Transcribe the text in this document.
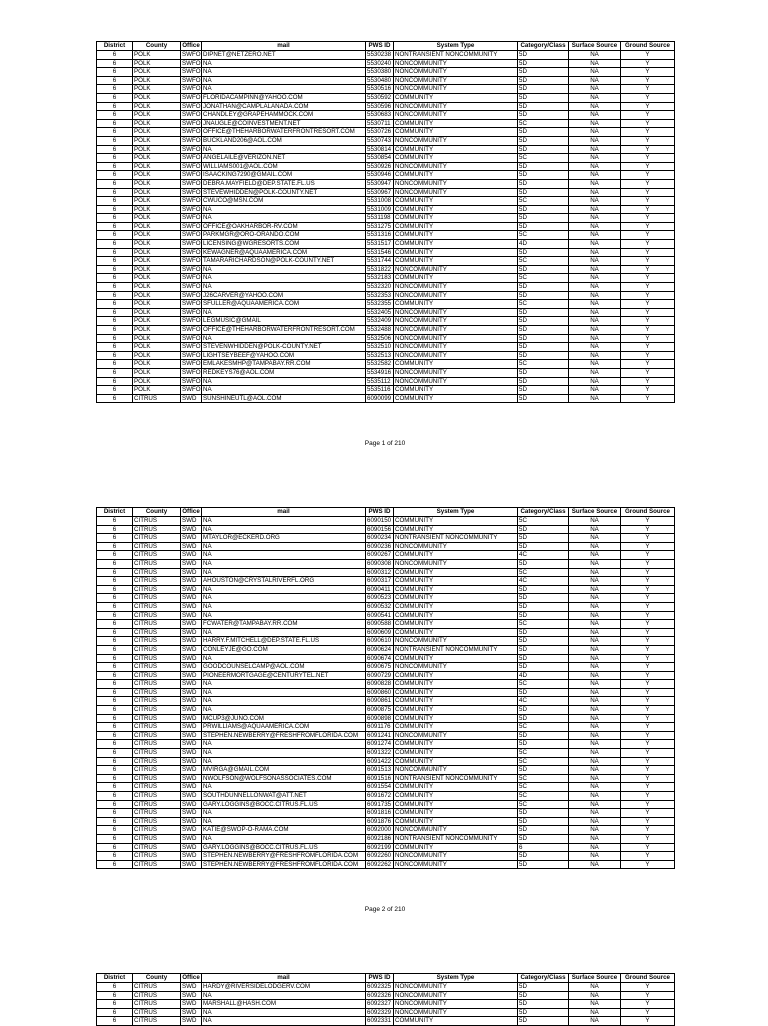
District	County	Office	mail	PWS ID	System Type	Category/Class	Surface Source	Ground Source
6	POLK	SWFO	DIPNET@NETZERO.NET	5530238	NONTRANSIENT NONCOMMUNITY	5D	NA	Y
6	POLK	SWFO	NA	5530240	NONCOMMUNITY	5D	NA	Y
6	POLK	SWFO	NA	5530380	NONCOMMUNITY	5D	NA	Y
6	POLK	SWFO	NA	5530480	NONCOMMUNITY	5D	NA	Y
6	POLK	SWFO	NA	5530516	NONCOMMUNITY	5D	NA	Y
6	POLK	SWFO	FLORIDACAMPINN@YAHOO.COM	5530592	COMMUNITY	5D	NA	Y
6	POLK	SWFO	JONATHAN@CAMPLALANADA.COM	5530596	NONCOMMUNITY	5D	NA	Y
6	POLK	SWFO	CHANDLEY@GRAPEHAMMOCK.COM	5530683	NONCOMMUNITY	5D	NA	Y
6	POLK	SWFO	JNAUGLE@COINVESTMENT.NET	5530711	COMMUNITY	5C	NA	Y
6	POLK	SWFO	OFFICE@THEHARBORWATERFRONTRESORT.COM	5530726	COMMUNITY	5D	NA	Y
6	POLK	SWFO	BUCKLAND206@AOL.COM	5530743	NONCOMMUNITY	5D	NA	Y
6	POLK	SWFO	NA	5530814	COMMUNITY	5D	NA	Y
6	POLK	SWFO	ANGELAILE@VERIZON.NET	5530854	COMMUNITY	5C	NA	Y
6	POLK	SWFO	WILLIAMS001@AOL.COM	5530926	NONCOMMUNITY	5D	NA	Y
6	POLK	SWFO	ISAACKING7290@GMAIL.COM	5530946	COMMUNITY	5D	NA	Y
6	POLK	SWFO	DEBRA.MAYFIELD@DEP.STATE.FL.US	5530947	NONCOMMUNITY	5D	NA	Y
6	POLK	SWFO	STEVEWHIDDEN@POLK-COUNTY.NET	5530967	NONCOMMUNITY	5D	NA	Y
6	POLK	SWFO	CWUCO@MSN.COM	5531008	COMMUNITY	5C	NA	Y
6	POLK	SWFO	NA	5531009	COMMUNITY	5D	NA	Y
6	POLK	SWFO	NA	5531198	COMMUNITY	5D	NA	Y
6	POLK	SWFO	OFFICE@OAKHARBOR-RV.COM	5531275	COMMUNITY	5D	NA	Y
6	POLK	SWFO	PARKMGR@ORO-ORANDO.COM	5531316	COMMUNITY	5C	NA	Y
6	POLK	SWFO	LICENSING@WGRESORTS.COM	5531517	COMMUNITY	4D	NA	Y
6	POLK	SWFO	KEWAGNER@AQUAAMERICA.COM	5531546	COMMUNITY	5D	NA	Y
6	POLK	SWFO	TAMARARICHARDSON@POLK-COUNTY.NET	5531744	COMMUNITY	5C	NA	Y
6	POLK	SWFO	NA	5531822	NONCOMMUNITY	5D	NA	Y
6	POLK	SWFO	NA	5532183	COMMUNITY	5C	NA	Y
6	POLK	SWFO	NA	5532320	NONCOMMUNITY	5D	NA	Y
6	POLK	SWFO	J26CARVER@YAHOO.COM	5532353	NONCOMMUNITY	5D	NA	Y
6	POLK	SWFO	SFULLER@AQUAAMERICA.COM	5532355	COMMUNITY	5C	NA	Y
6	POLK	SWFO	NA	5532405	NONCOMMUNITY	5D	NA	Y
6	POLK	SWFO	LEGMUSIC@GMAIL	5532409	NONCOMMUNITY	5D	NA	Y
6	POLK	SWFO	OFFICE@THEHARBORWATERFRONTRESORT.COM	5532488	NONCOMMUNITY	5D	NA	Y
6	POLK	SWFO	NA	5532506	NONCOMMUNITY	5D	NA	Y
6	POLK	SWFO	STEVENWHIDDEN@POLK-COUNTY.NET	5532510	NONCOMMUNITY	5D	NA	Y
6	POLK	SWFO	LIGHTSEYBEEF@YAHOO.COM	5532513	NONCOMMUNITY	5D	NA	Y
6	POLK	SWFO	EMLAKESMHP@TAMPABAY.RR.COM	5532582	COMMUNITY	5C	NA	Y
6	POLK	SWFO	REDKEYS76@AOL.COM	5534916	NONCOMMUNITY	5D	NA	Y
6	POLK	SWFO	NA	5535112	NONCOMMUNITY	5D	NA	Y
6	POLK	SWFO	NA	5535116	COMMUNITY	5D	NA	Y
6	CITRUS	SWD	SUNSHINEUTL@AOL.COM	6090099	COMMUNITY	5D	NA	Y
Page 1 of 210
District	County	Office	mail	PWS ID	System Type	Category/Class	Surface Source	Ground Source
6	CITRUS	SWD	NA	6090150	COMMUNITY	5C	NA	Y
6	CITRUS	SWD	NA	6090156	COMMUNITY	5D	NA	Y
6	CITRUS	SWD	MTAYLOR@ECKERD.ORG	6090234	NONTRANSIENT NONCOMMUNITY	5D	NA	Y
6	CITRUS	SWD	NA	6090236	NONCOMMUNITY	5D	NA	Y
6	CITRUS	SWD	NA	6090267	COMMUNITY	4C	NA	Y
6	CITRUS	SWD	NA	6090308	NONCOMMUNITY	5D	NA	Y
6	CITRUS	SWD	NA	6090312	COMMUNITY	5C	NA	Y
6	CITRUS	SWD	AHOUSTON@CRYSTALRIVERFL.ORG	6090317	COMMUNITY	4C	NA	Y
6	CITRUS	SWD	NA	6090411	COMMUNITY	5D	NA	Y
6	CITRUS	SWD	NA	6090523	COMMUNITY	5D	NA	Y
6	CITRUS	SWD	NA	6090532	COMMUNITY	5D	NA	Y
6	CITRUS	SWD	NA	6090541	COMMUNITY	5D	NA	Y
6	CITRUS	SWD	FCWATER@TAMPABAY.RR.COM	6090588	COMMUNITY	5C	NA	Y
6	CITRUS	SWD	NA	6090609	COMMUNITY	5D	NA	Y
6	CITRUS	SWD	HARRY.F.MITCHELL@DEP.STATE.FL.US	6090610	NONCOMMUNITY	5D	NA	Y
6	CITRUS	SWD	CONLEYJE@GO.COM	6090624	NONTRANSIENT NONCOMMUNITY	5D	NA	Y
6	CITRUS	SWD	NA	6090674	COMMUNITY	5D	NA	Y
6	CITRUS	SWD	GOODCOUNSELCAMP@AOL.COM	6090675	NONCOMMUNITY	5D	NA	Y
6	CITRUS	SWD	PIONEERMORTGAGE@CENTURYTEL.NET	6090729	COMMUNITY	4D	NA	Y
6	CITRUS	SWD	NA	6090828	COMMUNITY	5C	NA	Y
6	CITRUS	SWD	NA	6090860	COMMUNITY	5D	NA	Y
6	CITRUS	SWD	NA	6090861	COMMUNITY	4C	NA	Y
6	CITRUS	SWD	NA	6090875	COMMUNITY	5D	NA	Y
6	CITRUS	SWD	MCUP3@JUNO.COM	6090898	COMMUNITY	5D	NA	Y
6	CITRUS	SWD	PRWILLIAMS@AQUAAMERICA.COM	6091176	COMMUNITY	5C	NA	Y
6	CITRUS	SWD	STEPHEN.NEWBERRY@FRESHFROMFLORIDA.COM	6091241	NONCOMMUNITY	5D	NA	Y
6	CITRUS	SWD	NA	6091274	COMMUNITY	5D	NA	Y
6	CITRUS	SWD	NA	6091322	COMMUNITY	5C	NA	Y
6	CITRUS	SWD	NA	6091422	COMMUNITY	5C	NA	Y
6	CITRUS	SWD	MVIRGA@GMAIL.COM	6091513	NONCOMMUNITY	5D	NA	Y
6	CITRUS	SWD	NWOLFSON@WOLFSONASSOCIATES.COM	6091516	NONTRANSIENT NONCOMMUNITY	5C	NA	Y
6	CITRUS	SWD	NA	6091554	COMMUNITY	5C	NA	Y
6	CITRUS	SWD	SOUTHDUNNELLONWAT@ATT.NET	6091672	COMMUNITY	5C	NA	Y
6	CITRUS	SWD	GARY.LOGGINS@BOCC.CITRUS.FL.US	6091735	COMMUNITY	5C	NA	Y
6	CITRUS	SWD	NA	6091816	COMMUNITY	5D	NA	Y
6	CITRUS	SWD	NA	6091876	COMMUNITY	5D	NA	Y
6	CITRUS	SWD	KATIE@SWOP-O-RAMA.COM	6092000	NONCOMMUNITY	5D	NA	Y
6	CITRUS	SWD	NA	6092186	NONTRANSIENT NONCOMMUNITY	5D	NA	Y
6	CITRUS	SWD	GARY.LOGGINS@BOCC.CITRUS.FL.US	6092199	COMMUNITY	6	NA	Y
6	CITRUS	SWD	STEPHEN.NEWBERRY@FRESHFROMFLORIDA.COM	6092260	NONCOMMUNITY	5D	NA	Y
6	CITRUS	SWD	STEPHEN.NEWBERRY@FRESHFROMFLORIDA.COM	6092262	NONCOMMUNITY	5D	NA	Y
Page 2 of 210
District	County	Office	mail	PWS ID	System Type	Category/Class	Surface Source	Ground Source
6	CITRUS	SWD	HARDY@RIVERSIDELODGERV.COM	6092325	NONCOMMUNITY	5D	NA	Y
6	CITRUS	SWD	NA	6092326	NONCOMMUNITY	5D	NA	Y
6	CITRUS	SWD	MARSHALL@HASH.COM	6092327	NONCOMMUNITY	5D	NA	Y
6	CITRUS	SWD	NA	6092329	NONCOMMUNITY	5D	NA	Y
6	CITRUS	SWD	NA	6092331	COMMUNITY	5D	NA	Y
